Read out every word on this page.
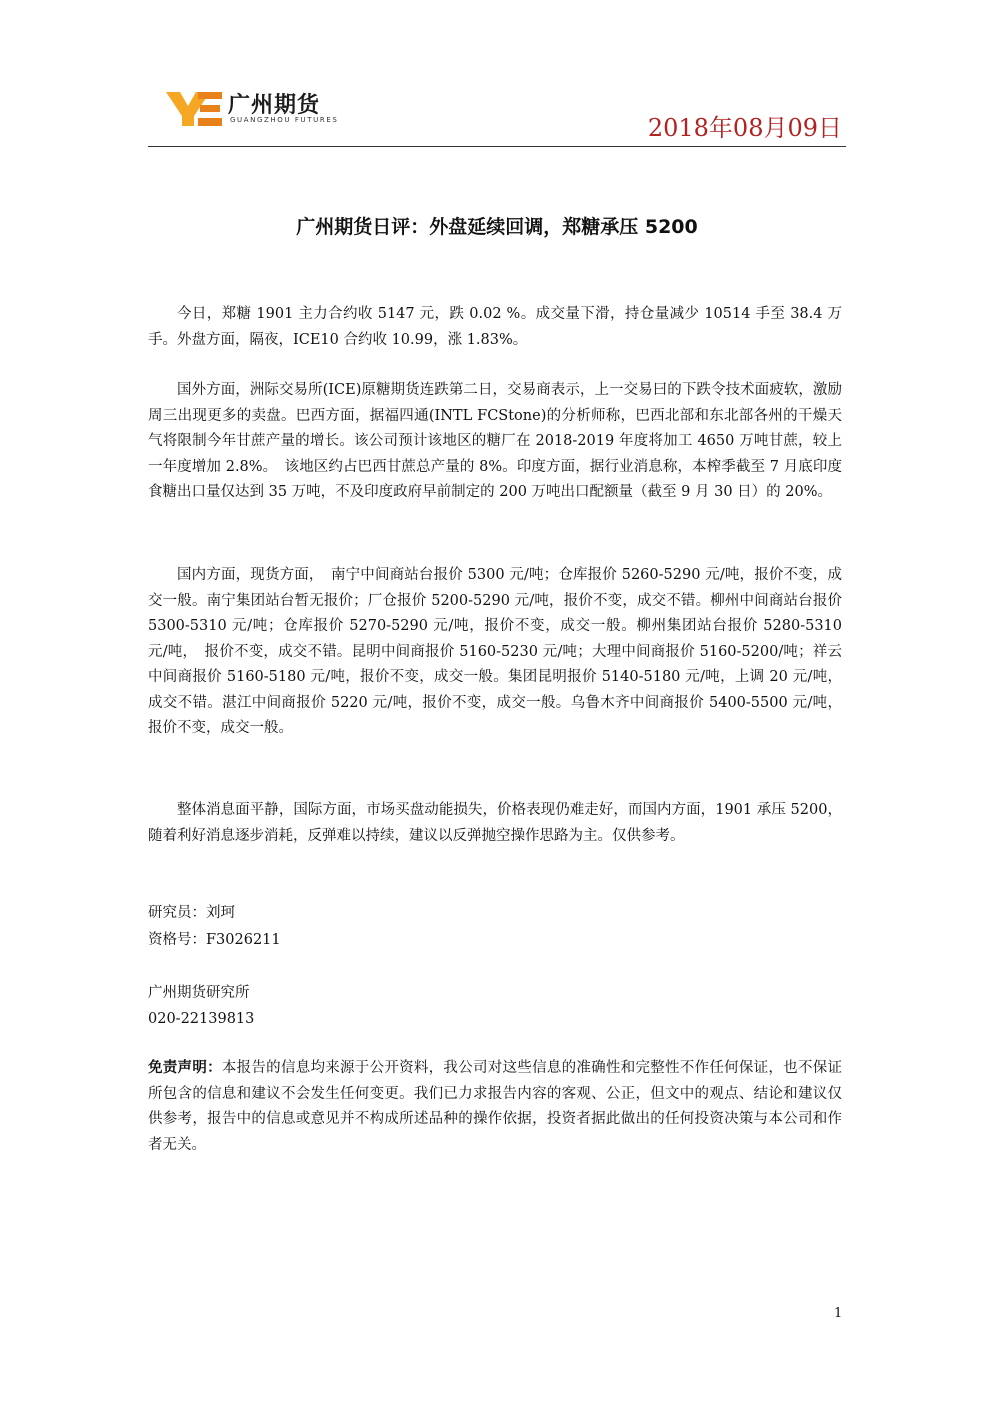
广州期货
GUANGZHOU FUTURES	2018年08月09日
广州期货日评：外盘延续回调，郑糖承压 5200

今日，郑糖 1901 主力合约收 5147 元，跌 0.02 %。成交量下滑，持仓量减少 10514 手至 38.4 万手。外盘方面，隔夜，ICE10 合约收 10.99，涨 1.83%。

国外方面，洲际交易所(ICE)原糖期货连跌第二日，交易商表示，上一交易曰的下跌令技术面疲软，激励周三出现更多的卖盘。巴西方面，据福四通(INTL FCStone)的分析师称，巴西北部和东北部各州的干燥天气将限制今年甘蔗产量的增长。该公司预计该地区的糖厂在 2018-2019 年度将加工 4650 万吨甘蔗，较上一年度增加 2.8%。　该地区约占巴西甘蔗总产量的 8%。印度方面，据行业消息称，本榨季截至 7 月底印度食糖出口量仅达到 35 万吨，不及印度政府早前制定的 200 万吨出口配额量（截至 9 月 30 日）的 20%。

国内方面，现货方面，　南宁中间商站台报价 5300 元/吨；仓库报价 5260-5290 元/吨，报价不变，成交一般。南宁集团站台暂无报价；厂仓报价 5200-5290 元/吨，报价不变，成交不错。柳州中间商站台报价 5300-5310 元/吨；仓库报价 5270-5290 元/吨，报价不变，成交一般。柳州集团站台报价 5280-5310 元/吨，　报价不变，成交不错。昆明中间商报价 5160-5230 元/吨；大理中间商报价 5160-5200/吨；祥云中间商报价 5160-5180 元/吨，报价不变，成交一般。集团昆明报价 5140-5180 元/吨，上调 20 元/吨，成交不错。湛江中间商报价 5220 元/吨，报价不变，成交一般。乌鲁木齐中间商报价 5400-5500 元/吨，报价不变，成交一般。

整体消息面平静，国际方面，市场买盘动能损失，价格表现仍难走好，而国内方面，1901 承压 5200，随着利好消息逐步消耗，反弹难以持续，建议以反弹抛空操作思路为主。仅供参考。

研究员：刘珂
资格号：F3026211
广州期货研究所
020-22139813

免责声明：本报告的信息均来源于公开资料，我公司对这些信息的准确性和完整性不作任何保证，也不保证所包含的信息和建议不会发生任何变更。我们已力求报告内容的客观、公正，但文中的观点、结论和建议仅供参考，报告中的信息或意见并不构成所述品种的操作依据，投资者据此做出的任何投资决策与本公司和作者无关。

1
